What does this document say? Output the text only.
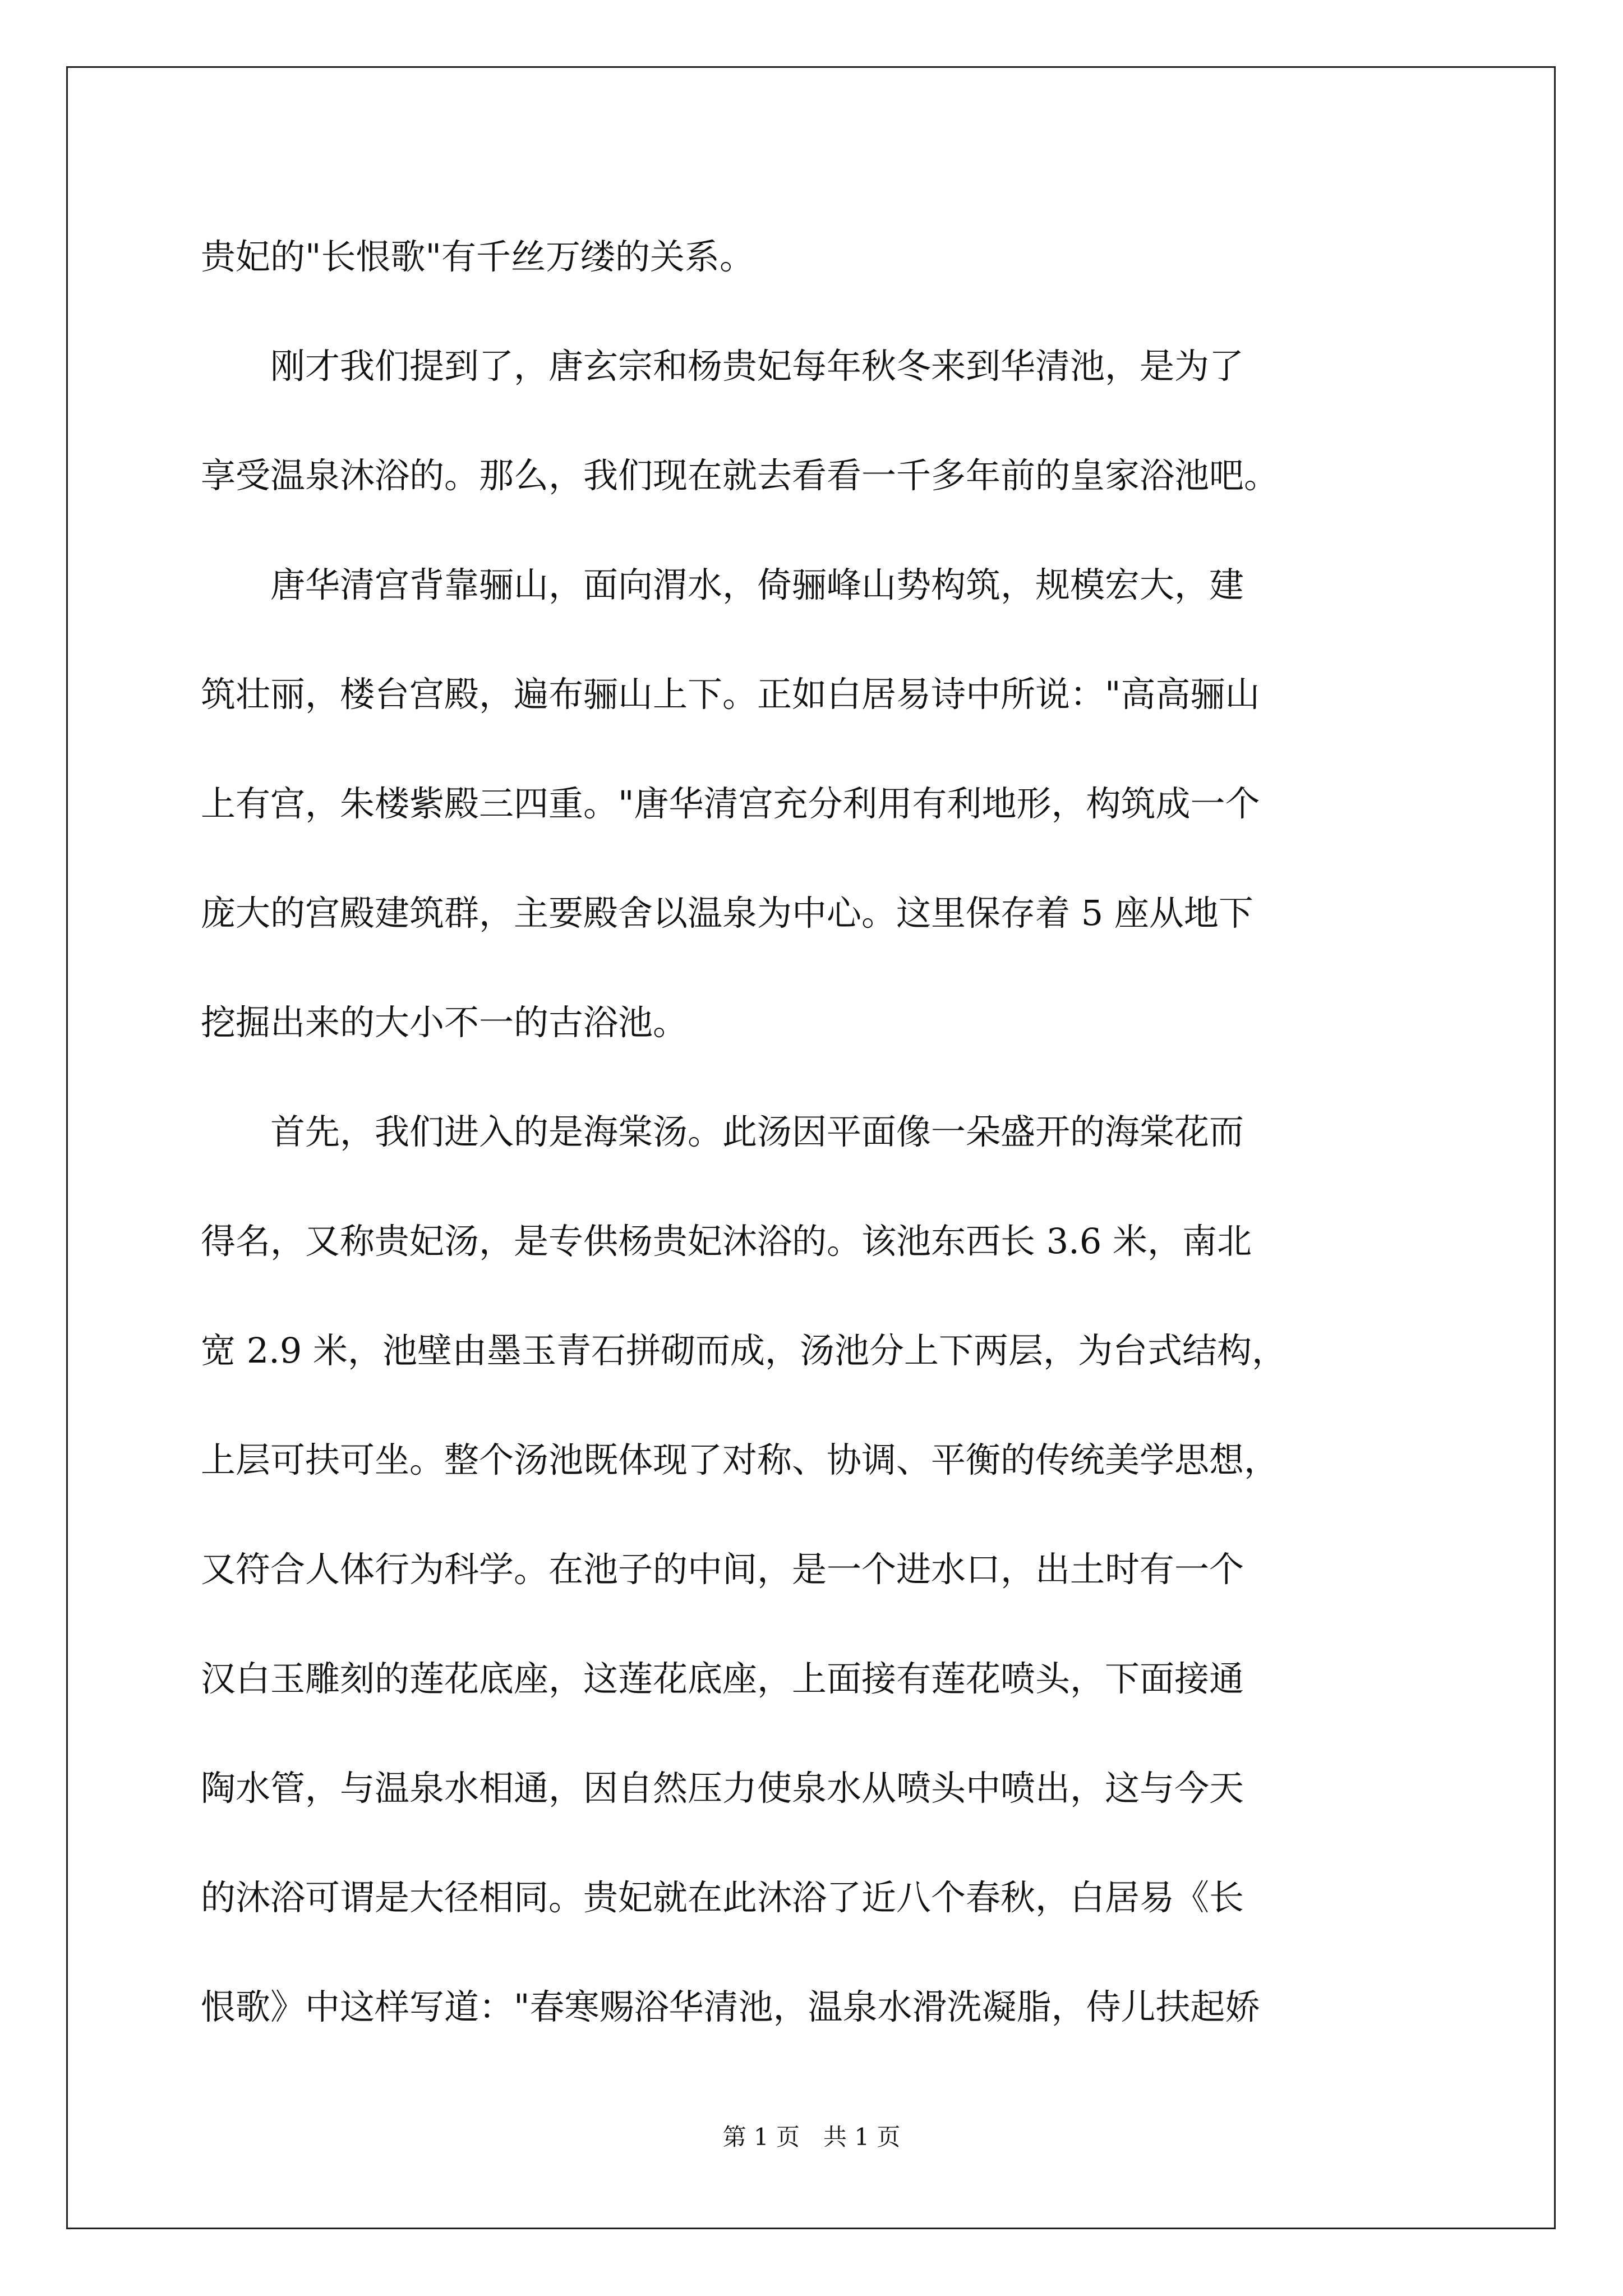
贵妃的"长恨歌"有千丝万缕的关系。
　　刚才我们提到了，唐玄宗和杨贵妃每年秋冬来到华清池，是为了
享受温泉沐浴的。那么，我们现在就去看看一千多年前的皇家浴池吧。
　　唐华清宫背靠骊山，面向渭水，倚骊峰山势构筑，规模宏大，建
筑壮丽，楼台宫殿，遍布骊山上下。正如白居易诗中所说："高高骊山
上有宫，朱楼紫殿三四重。"唐华清宫充分利用有利地形，构筑成一个
庞大的宫殿建筑群，主要殿舍以温泉为中心。这里保存着 5 座从地下
挖掘出来的大小不一的古浴池。
　　首先，我们进入的是海棠汤。此汤因平面像一朵盛开的海棠花而
得名，又称贵妃汤，是专供杨贵妃沐浴的。该池东西长 3.6 米，南北
宽 2.9 米，池壁由墨玉青石拼砌而成，汤池分上下两层，为台式结构，
上层可扶可坐。整个汤池既体现了对称、协调、平衡的传统美学思想，
又符合人体行为科学。在池子的中间，是一个进水口，出土时有一个
汉白玉雕刻的莲花底座，这莲花底座，上面接有莲花喷头，下面接通
陶水管，与温泉水相通，因自然压力使泉水从喷头中喷出，这与今天
的沐浴可谓是大径相同。贵妃就在此沐浴了近八个春秋，白居易《长
恨歌》中这样写道："春寒赐浴华清池，温泉水滑洗凝脂，侍儿扶起娇
第 1 页　共 1 页
